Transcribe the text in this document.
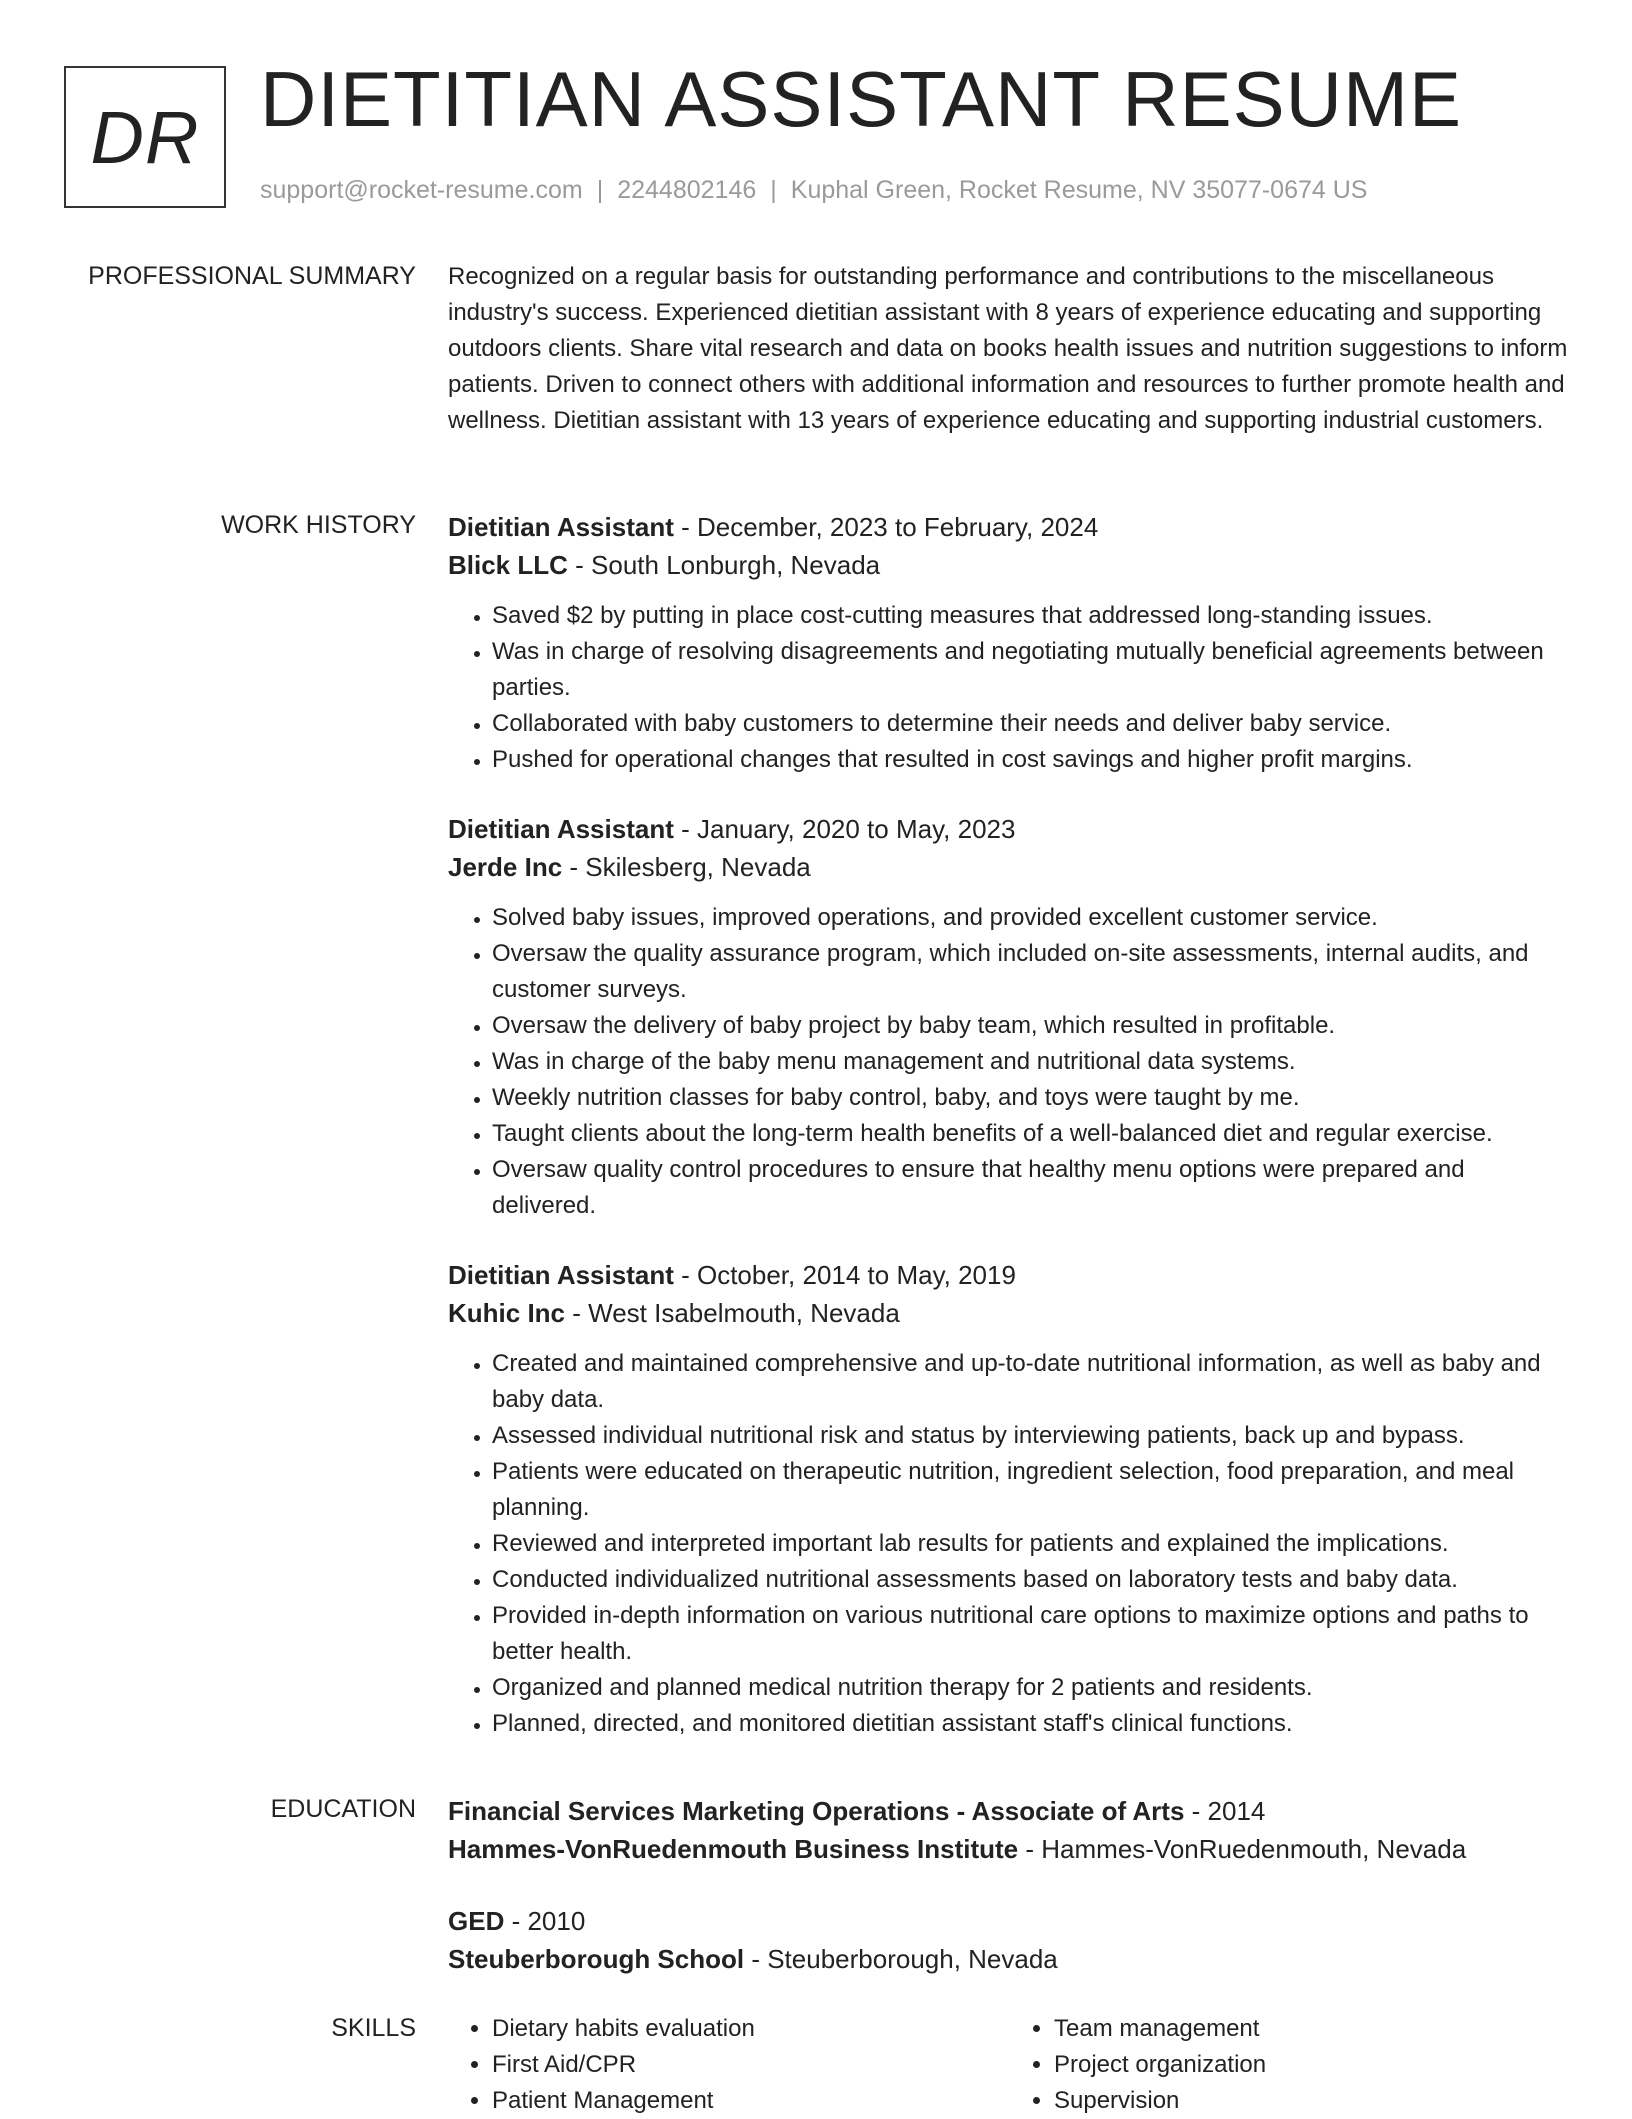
DR DIETITIAN ASSISTANT RESUME
support@rocket-resume.com | 2244802146 | Kuphal Green, Rocket Resume, NV 35077-0674 US
PROFESSIONAL SUMMARY Recognized on a regular basis for outstanding performance and contributions to the miscellaneous industry's success. Experienced dietitian assistant with 8 years of experience educating and supporting outdoors clients. Share vital research and data on books health issues and nutrition suggestions to inform patients. Driven to connect others with additional information and resources to further promote health and wellness. Dietitian assistant with 13 years of experience educating and supporting industrial customers.
WORK HISTORY Dietitian Assistant - December, 2023 to February, 2024
Blick LLC - South Lonburgh, Nevada
• Saved $2 by putting in place cost-cutting measures that addressed long-standing issues.
• Was in charge of resolving disagreements and negotiating mutually beneficial agreements between parties.
• Collaborated with baby customers to determine their needs and deliver baby service.
• Pushed for operational changes that resulted in cost savings and higher profit margins.
Dietitian Assistant - January, 2020 to May, 2023
Jerde Inc - Skilesberg, Nevada
• Solved baby issues, improved operations, and provided excellent customer service.
• Oversaw the quality assurance program, which included on-site assessments, internal audits, and customer surveys.
• Oversaw the delivery of baby project by baby team, which resulted in profitable.
• Was in charge of the baby menu management and nutritional data systems.
• Weekly nutrition classes for baby control, baby, and toys were taught by me.
• Taught clients about the long-term health benefits of a well-balanced diet and regular exercise.
• Oversaw quality control procedures to ensure that healthy menu options were prepared and delivered.
Dietitian Assistant - October, 2014 to May, 2019
Kuhic Inc - West Isabelmouth, Nevada
• Created and maintained comprehensive and up-to-date nutritional information, as well as baby and baby data.
• Assessed individual nutritional risk and status by interviewing patients, back up and bypass.
• Patients were educated on therapeutic nutrition, ingredient selection, food preparation, and meal planning.
• Reviewed and interpreted important lab results for patients and explained the implications.
• Conducted individualized nutritional assessments based on laboratory tests and baby data.
• Provided in-depth information on various nutritional care options to maximize options and paths to better health.
• Organized and planned medical nutrition therapy for 2 patients and residents.
• Planned, directed, and monitored dietitian assistant staff's clinical functions.
EDUCATION Financial Services Marketing Operations - Associate of Arts - 2014
Hammes-VonRuedenmouth Business Institute - Hammes-VonRuedenmouth, Nevada
GED - 2010
Steuberborough School - Steuberborough, Nevada
SKILLS
•	Dietary habits evaluation
• First Aid/CPR
• Patient Management
• Team management
• Project organization
• Supervision
